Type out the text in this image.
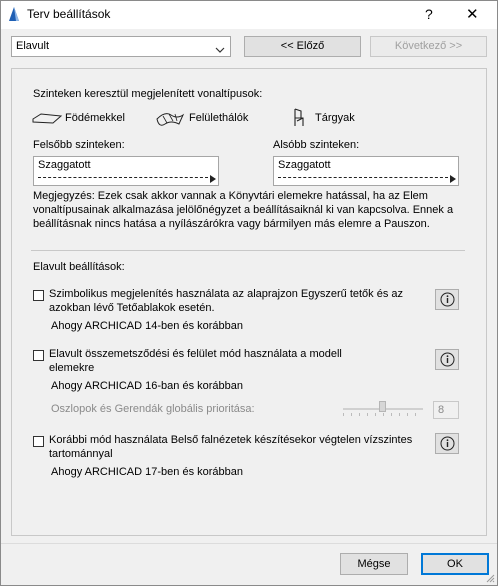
Terv beállítások	? ✕
Elavult	<< Előző	Következő >>
Szinteken keresztül megjelenített vonaltípusok:
Födémekkel	Felülethálók	Tárgyak
Felsőbb szinteken:
Szaggatott
Alsóbb szinteken:
Szaggatott
Megjegyzés: Ezek csak akkor vannak a Könyvtári elemekre hatással, ha az Elem vonaltípusainak alkalmazása jelölőnégyzet a beállításaiknál ki van kapcsolva. Ennek a beállításnak nincs hatása a nyílászárókra vagy bármilyen más elemre a Pauszon.
Elavult beállítások:
Szimbolikus megjelenítés használata az alaprajzon Egyszerű tetők és az azokban lévő Tetőablakok esetén.
Ahogy ARCHICAD 14-ben és korábban
Elavult összemetsződési és felület mód használata a modell elemekre
Ahogy ARCHICAD 16-ban és korábban
Oszlopok és Gerendák globális prioritása:	8
Korábbi mód használata Belső falnézetek készítésekor végtelen vízszintes tartománnyal
Ahogy ARCHICAD 17-ben és korábban
Mégse	OK
